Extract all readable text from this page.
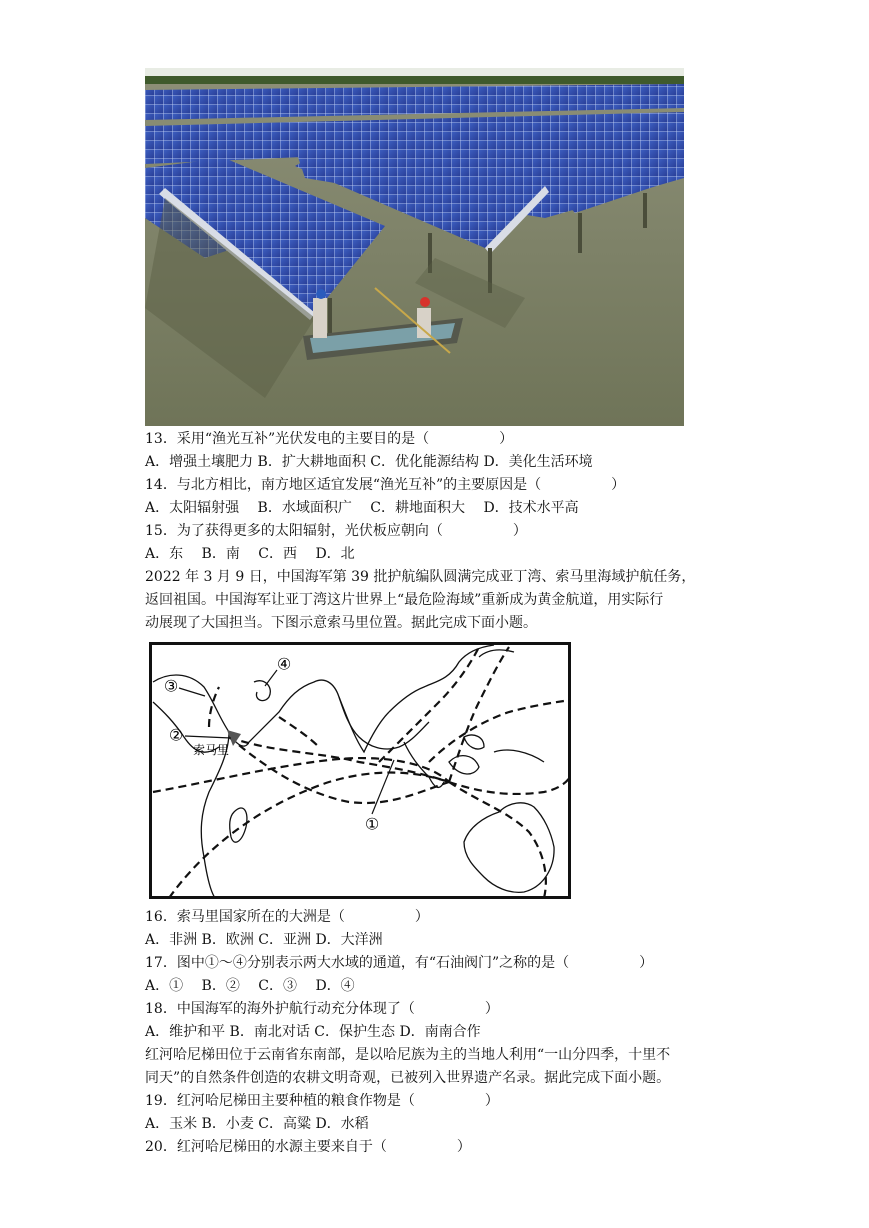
13．采用“渔光互补”光伏发电的主要目的是（　　　　　）
A．增强土壤肥力 B．扩大耕地面积 C．优化能源结构 D．美化生活环境
14．与北方相比，南方地区适宜发展“渔光互补”的主要原因是（　　　　　）
A．太阳辐射强　 B．水域面积广　 C．耕地面积大　 D．技术水平高
15．为了获得更多的太阳辐射，光伏板应朝向（　　　　　）
A．东　 B．南　 C．西　 D．北
2022 年 3 月 9 日，中国海军第 39 批护航编队圆满完成亚丁湾、索马里海域护航任务，
返回祖国。中国海军让亚丁湾这片世界上“最危险海域”重新成为黄金航道，用实际行
动展现了大国担当。下图示意索马里位置。据此完成下面小题。
①
②
③
④
索马里
16．索马里国家所在的大洲是（　　　　　）
A．非洲 B．欧洲 C．亚洲 D．大洋洲
17．图中①～④分别表示两大水域的通道，有“石油阀门”之称的是（　　　　　）
A．①　 B．②　 C．③　 D．④
18．中国海军的海外护航行动充分体现了（　　　　　）
A．维护和平 B．南北对话 C．保护生态 D．南南合作
红河哈尼梯田位于云南省东南部，是以哈尼族为主的当地人利用“一山分四季，十里不
同天”的自然条件创造的农耕文明奇观，已被列入世界遗产名录。据此完成下面小题。
19．红河哈尼梯田主要种植的粮食作物是（　　　　　）
A．玉米 B．小麦 C．高粱 D．水稻
20．红河哈尼梯田的水源主要来自于（　　　　　）
